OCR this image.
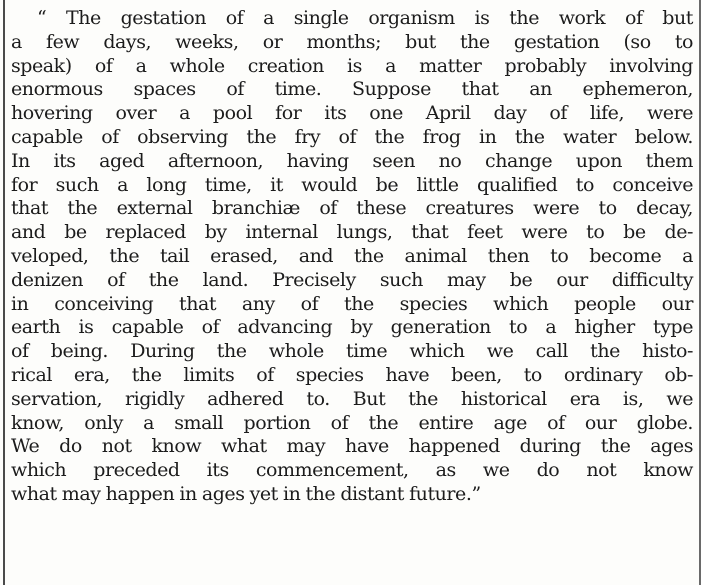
“ The gestation of a single organism is the work of but
a few days, weeks, or months; but the gestation (so to
speak) of a whole creation is a matter probably involving
enormous spaces of time. Suppose that an ephemeron,
hovering over a pool for its one April day of life, were
capable of observing the fry of the frog in the water below.
In its aged afternoon, having seen no change upon them
for such a long time, it would be little qualified to conceive
that the external branchiæ of these creatures were to decay,
and be replaced by internal lungs, that feet were to be de-
veloped, the tail erased, and the animal then to become a
denizen of the land. Precisely such may be our difficulty
in conceiving that any of the species which people our
earth is capable of advancing by generation to a higher type
of being. During the whole time which we call the histo-
rical era, the limits of species have been, to ordinary ob-
servation, rigidly adhered to. But the historical era is, we
know, only a small portion of the entire age of our globe.
We do not know what may have happened during the ages
which preceded its commencement, as we do not know
what may happen in ages yet in the distant future.”
